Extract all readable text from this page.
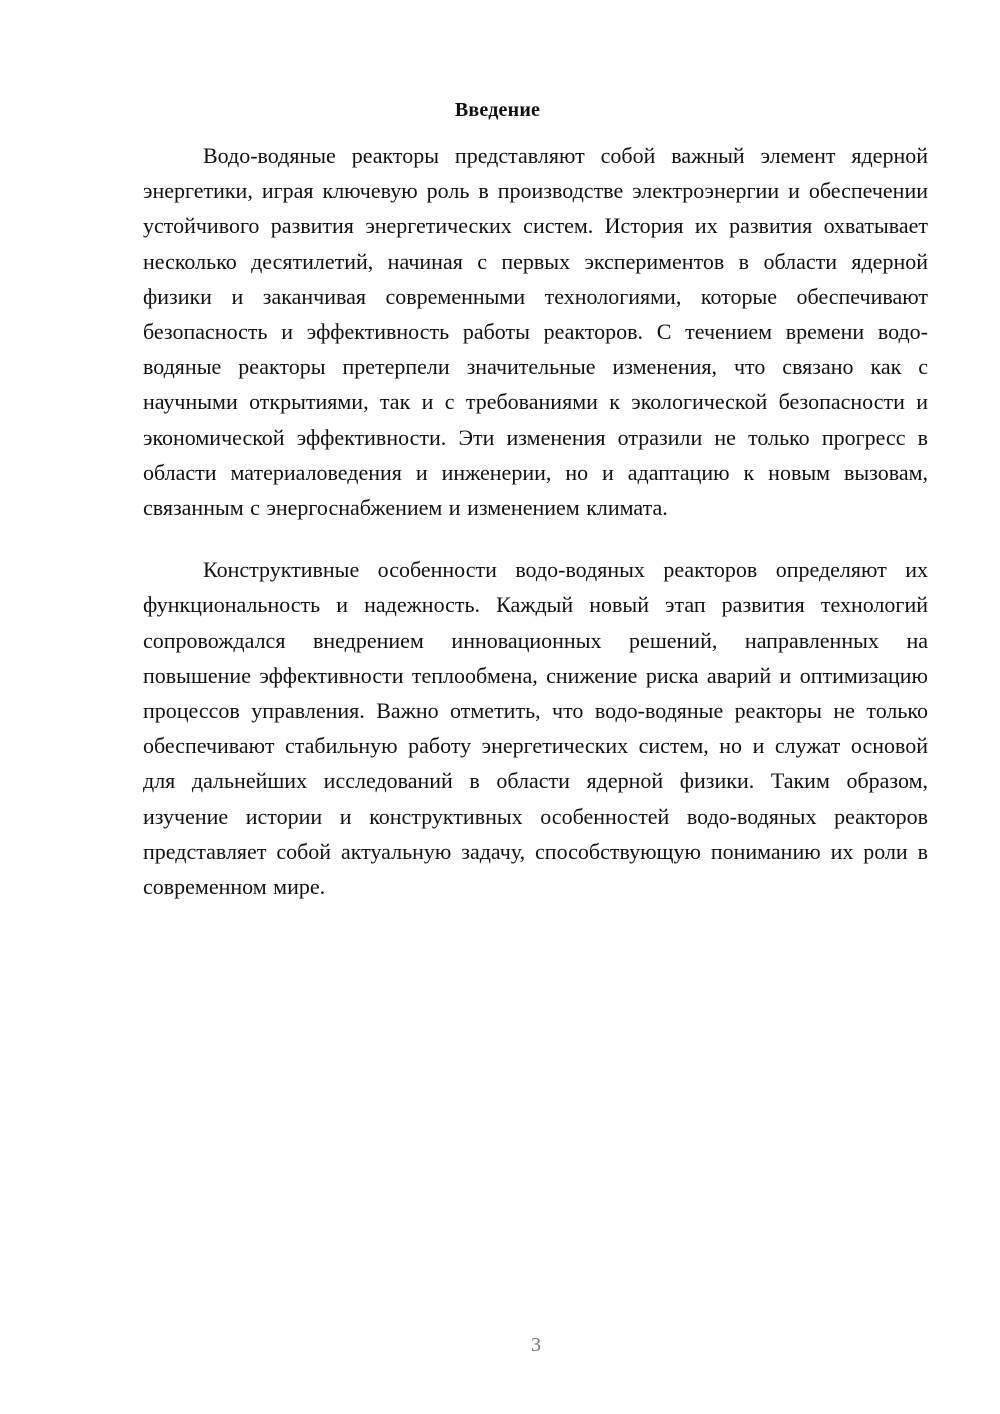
Введение

Водо-водяные реакторы представляют собой важный элемент ядерной энергетики, играя ключевую роль в производстве электроэнергии и обеспечении устойчивого развития энергетических систем. История их развития охватывает несколько десятилетий, начиная с первых экспериментов в области ядерной физики и заканчивая современными технологиями, которые обеспечивают безопасность и эффективность работы реакторов. С течением времени водо-водяные реакторы претерпели значительные изменения, что связано как с научными открытиями, так и с требованиями к экологической безопасности и экономической эффективности. Эти изменения отразили не только прогресс в области материаловедения и инженерии, но и адаптацию к новым вызовам, связанным с энергоснабжением и изменением климата.

Конструктивные особенности водо-водяных реакторов определяют их функциональность и надежность. Каждый новый этап развития технологий сопровождался внедрением инновационных решений, направленных на повышение эффективности теплообмена, снижение риска аварий и оптимизацию процессов управления. Важно отметить, что водо-водяные реакторы не только обеспечивают стабильную работу энергетических систем, но и служат основой для дальнейших исследований в области ядерной физики. Таким образом, изучение истории и конструктивных особенностей водо-водяных реакторов представляет собой актуальную задачу, способствующую пониманию их роли в современном мире.

3
